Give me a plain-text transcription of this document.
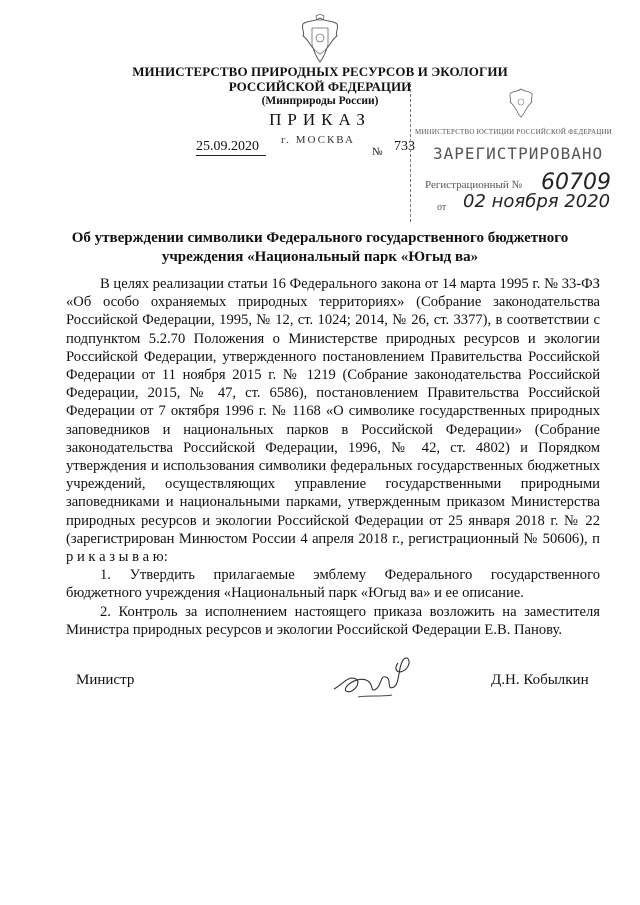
МИНИСТЕРСТВО ПРИРОДНЫХ РЕСУРСОВ И ЭКОЛОГИИ
РОССИЙСКОЙ ФЕДЕРАЦИИ
(Минприроды России)
ПРИКАЗ
25.09.2020	г. МОСКВА
№ 733
МИНИСТЕРСТВО ЮСТИЦИИ РОССИЙСКОЙ ФЕДЕРАЦИИ
ЗАРЕГИСТРИРОВАНО
Регистрационный № 60709
от 02 ноября 2020
Об утверждении символики Федерального государственного бюджетного учреждения «Национальный парк «Югыд ва»

В целях реализации статьи 16 Федерального закона от 14 марта 1995 г. № 33-ФЗ «Об особо охраняемых природных территориях» (Собрание законодательства Российской Федерации, 1995, № 12, ст. 1024; 2014, № 26, ст. 3377), в соответствии с подпунктом 5.2.70 Положения о Министерстве природных ресурсов и экологии Российской Федерации, утвержденного постановлением Правительства Российской Федерации от 11 ноября 2015 г. № 1219 (Собрание законодательства Российской Федерации, 2015, № 47, ст. 6586), постановлением Правительства Российской Федерации от 7 октября 1996 г. № 1168 «О символике государственных природных заповедников и национальных парков в Российской Федерации» (Собрание законодательства Российской Федерации, 1996, № 42, ст. 4802) и Порядком утверждения и использования символики федеральных государственных бюджетных учреждений, осуществляющих управление государственными природными заповедниками и национальными парками, утвержденным приказом Министерства природных ресурсов и экологии Российской Федерации от 25 января 2018 г. № 22 (зарегистрирован Минюстом России 4 апреля 2018 г., регистрационный № 50606), п р и к а з ы в а ю:

1. Утвердить прилагаемые эмблему Федерального государственного бюджетного учреждения «Национальный парк «Югыд ва» и ее описание.

2. Контроль за исполнением настоящего приказа возложить на заместителя Министра природных ресурсов и экологии Российской Федерации Е.В. Панову.

Министр	Д.Н. Кобылкин
